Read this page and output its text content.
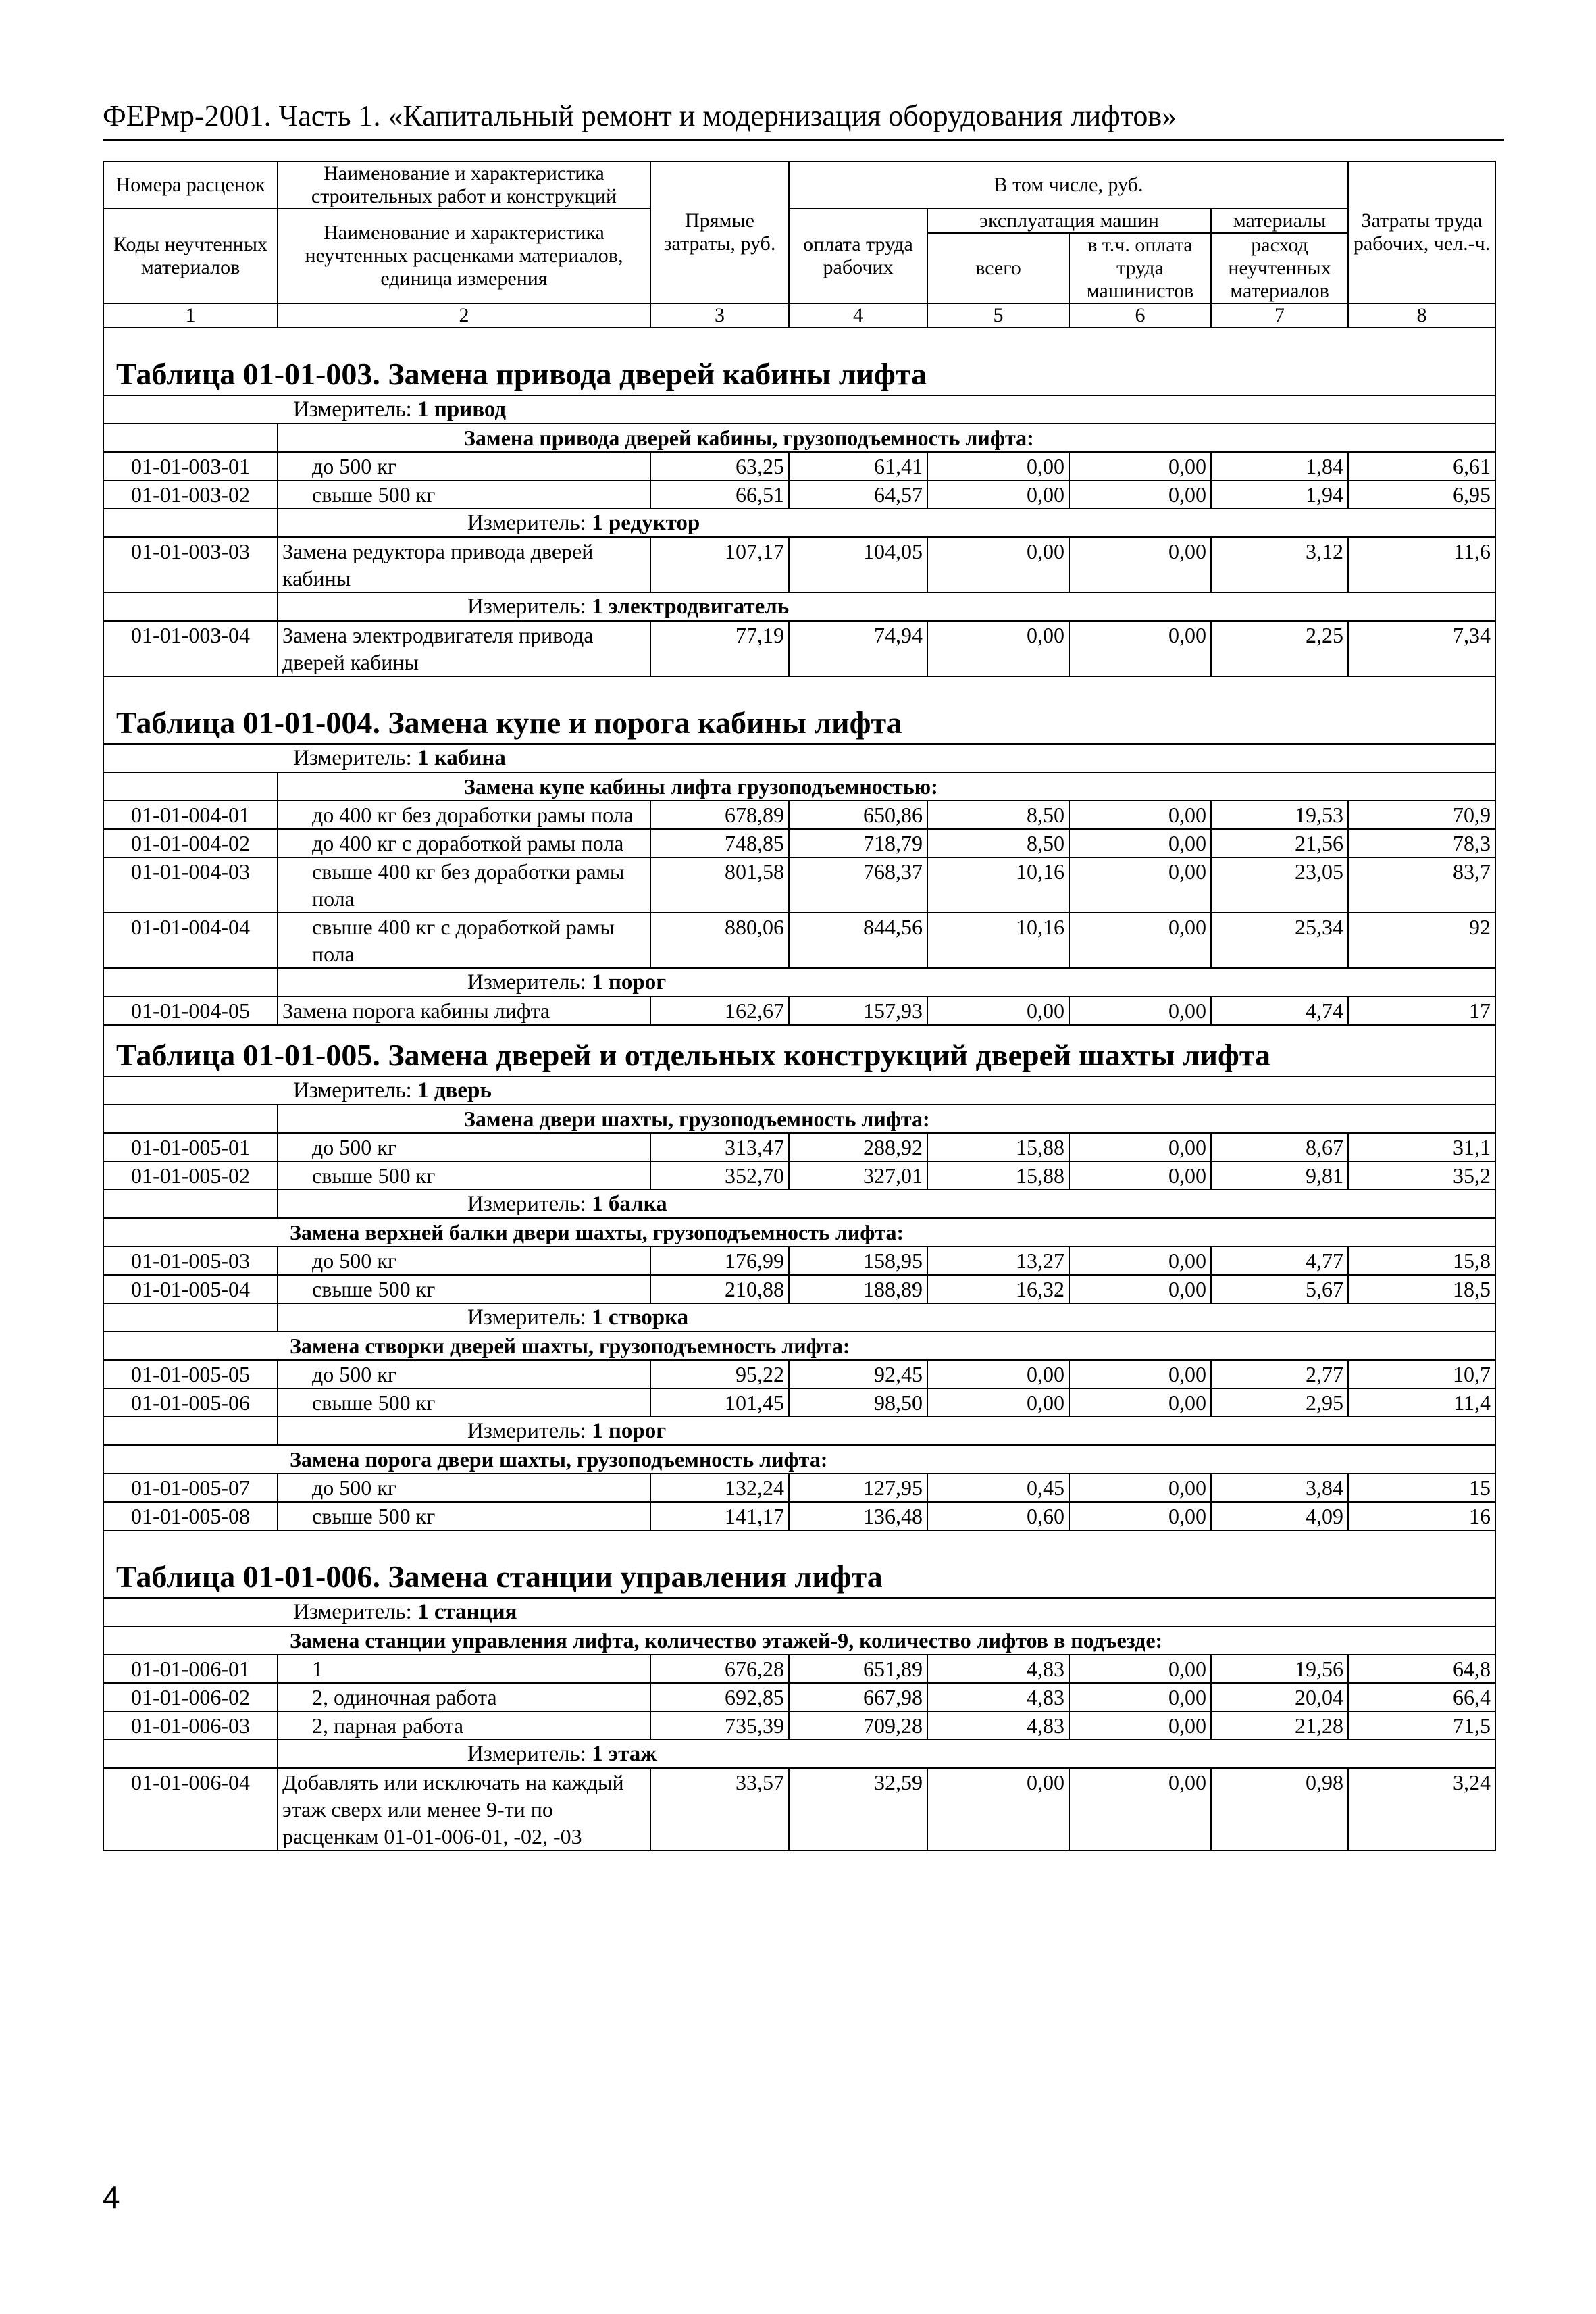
ФЕРмр-2001. Часть 1. «Капитальный ремонт и модернизация оборудования лифтов»
Номера расценок	Наименование и характеристика строительных работ и конструкций	Прямые затраты, руб.	В том числе, руб.				Затраты труда рабочих, чел.-ч.
Коды неучтенных материалов	Наименование и характеристика неучтенных расценками материалов, единица измерения		оплата труда рабочих	эксплуатация машин		материалы	
				всего	в т.ч. оплата труда машинистов	расход неучтенных материалов	

1	2	3	4	5	6	7	8
Таблица 01-01-003. Замена привода дверей кабины лифта							
Измеритель: 1 привод							
	Замена привода дверей кабины, грузоподъемность лифта:						
01-01-003-01	до 500 кг	63,25	61,41	0,00	0,00	1,84	6,61
01-01-003-02	свыше 500 кг	66,51	64,57	0,00	0,00	1,94	6,95
	Измеритель: 1 редуктор						
01-01-003-03	Замена редуктора привода дверей кабины	107,17	104,05	0,00	0,00	3,12	11,6
	Измеритель: 1 электродвигатель						
01-01-003-04	Замена электродвигателя привода дверей кабины	77,19	74,94	0,00	0,00	2,25	7,34
Таблица 01-01-004. Замена купе и порога кабины лифта							
Измеритель: 1 кабина							
	Замена купе кабины лифта грузоподъемностью:						
01-01-004-01	до 400 кг без доработки рамы пола	678,89	650,86	8,50	0,00	19,53	70,9
01-01-004-02	до 400 кг с доработкой рамы пола	748,85	718,79	8,50	0,00	21,56	78,3
01-01-004-03	свыше 400 кг без доработки рамы пола	801,58	768,37	10,16	0,00	23,05	83,7
01-01-004-04	свыше 400 кг с доработкой рамы пола	880,06	844,56	10,16	0,00	25,34	92
	Измеритель: 1 порог						
01-01-004-05	Замена порога кабины лифта	162,67	157,93	0,00	0,00	4,74	17
Таблица 01-01-005. Замена дверей и отдельных конструкций дверей шахты лифта							
Измеритель: 1 дверь							
	Замена двери шахты, грузоподъемность лифта:						
01-01-005-01	до 500 кг	313,47	288,92	15,88	0,00	8,67	31,1
01-01-005-02	свыше 500 кг	352,70	327,01	15,88	0,00	9,81	35,2
	Измеритель: 1 балка						
Замена верхней балки двери шахты, грузоподъемность лифта:							
01-01-005-03	до 500 кг	176,99	158,95	13,27	0,00	4,77	15,8
01-01-005-04	свыше 500 кг	210,88	188,89	16,32	0,00	5,67	18,5
	Измеритель: 1 створка						
Замена створки дверей шахты, грузоподъемность лифта:							
01-01-005-05	до 500 кг	95,22	92,45	0,00	0,00	2,77	10,7
01-01-005-06	свыше 500 кг	101,45	98,50	0,00	0,00	2,95	11,4
	Измеритель: 1 порог						
Замена порога двери шахты, грузоподъемность лифта:							
01-01-005-07	до 500 кг	132,24	127,95	0,45	0,00	3,84	15
01-01-005-08	свыше 500 кг	141,17	136,48	0,60	0,00	4,09	16
Таблица 01-01-006. Замена станции управления лифта							
Измеритель: 1 станция							
Замена станции управления лифта, количество этажей-9, количество лифтов в подъезде:							
01-01-006-01	1	676,28	651,89	4,83	0,00	19,56	64,8
01-01-006-02	2, одиночная работа	692,85	667,98	4,83	0,00	20,04	66,4
01-01-006-03	2, парная работа	735,39	709,28	4,83	0,00	21,28	71,5
	Измеритель: 1 этаж						
01-01-006-04	Добавлять или исключать на каждый этаж сверх или менее 9-ти по расценкам 01-01-006-01, -02, -03	33,57	32,59	0,00	0,00	0,98	3,24
4
